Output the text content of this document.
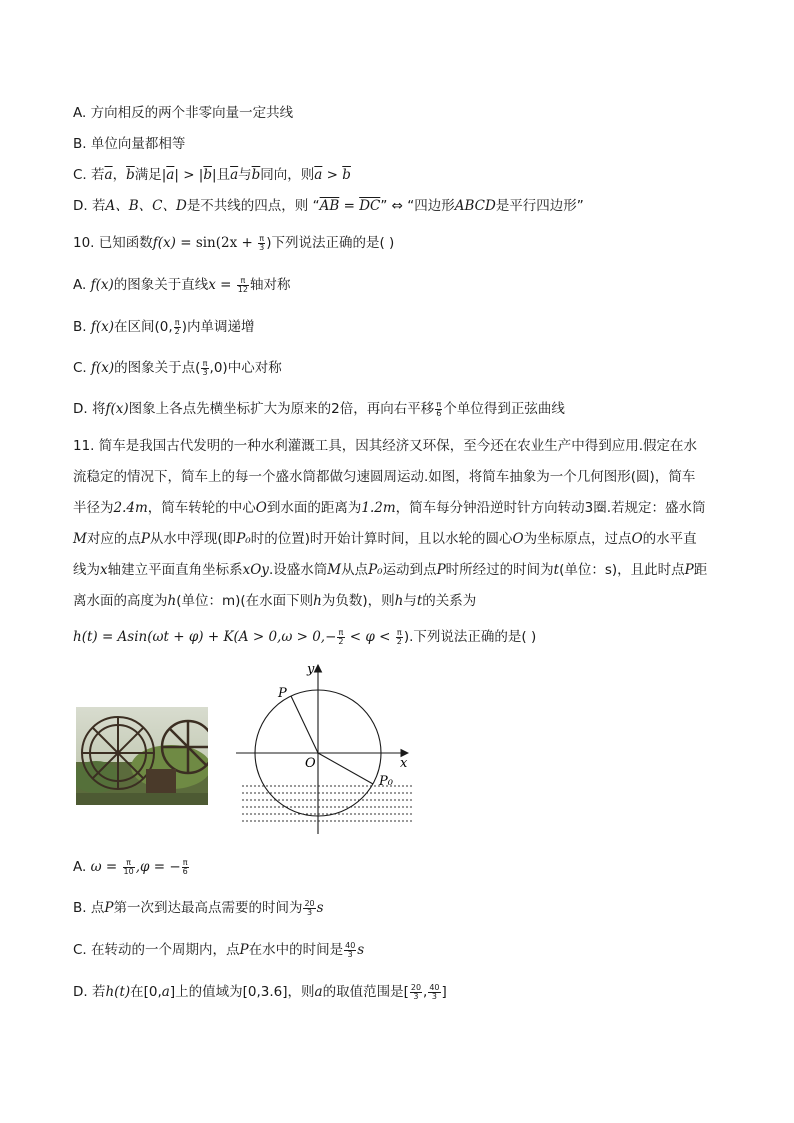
A. 方向相反的两个非零向量一定共线
B. 单位向量都相等
C. 若$\overline{a}$，$\overline{b}$满足$|\overline{a}| > |\overline{b}|$且$\overline{a}$与$\overline{b}$同向，则$\overline{a} > \overline{b}$
D. 若A、B、C、D是不共线的四点，则 “$\overline{AB} = \overline{DC}$” ⇔ “四边形ABCD是平行四边形”
10. 已知函数$f(x) = \sin(2x + \frac{\pi}{3}$ )下列说法正确的是( )
A. f(x)的图象关于直线$x = \frac{\pi}{12}$ 轴对称
B. f(x)在区间(0, $\frac{\pi}{2}$ )内单调递增
C. f(x)的图象关于点( $\frac{\pi}{3} ,0$)中心对称
D. 将f(x)图象上各点先横坐标扩大为原来的2倍，再向右平移 $\frac{\pi}{6}$ 个单位得到正弦曲线
11. 简车是我国古代发明的一种水利灌溉工具，因其经济又环保，至今还在农业生产中得到应用.假定在水
流稳定的情况下，简车上的每一个盛水筒都做匀速圆周运动.如图，将简车抽象为一个几何图形(圆)，简车
半径为2.4m，简车转轮的中心O到水面的距离为1.2m，简车每分钟沿逆时针方向转动3圈.若规定：盛水筒
M对应的点P从水中浮现(即P₀时的位置)时开始计算时间，且以水轮的圆心O为坐标原点，过点O的水平直
线为x轴建立平面直角坐标系xOy.设盛水筒M从点P₀运动到点P时所经过的时间为t(单位：s)，且此时点P距
离水面的高度为h(单位：m)(在水面下则h为负数)，则h与t的关系为
$h(t) = Asin(\omega t + \varphi) + K(A > 0,\omega > 0,- \frac{\pi}{2} < \varphi < \frac{\pi}{2}$ ).下列说法正确的是( )
x
y
O
P
P₀
A. $\omega = \frac{\pi}{10} ,\varphi$ = − $\frac{\pi}{6}$
B. 点P第一次到达最高点需要的时间为 $\frac{20}{3}$ s
C. 在转动的一个周期内，点P在水中的时间是 $\frac{40}{3}$ s
D. 若h(t)在[0,a]上的值域为[0,3.6]，则a的取值范围是[ $\frac{20}{3}$ , $\frac{40}{3}$ ]
